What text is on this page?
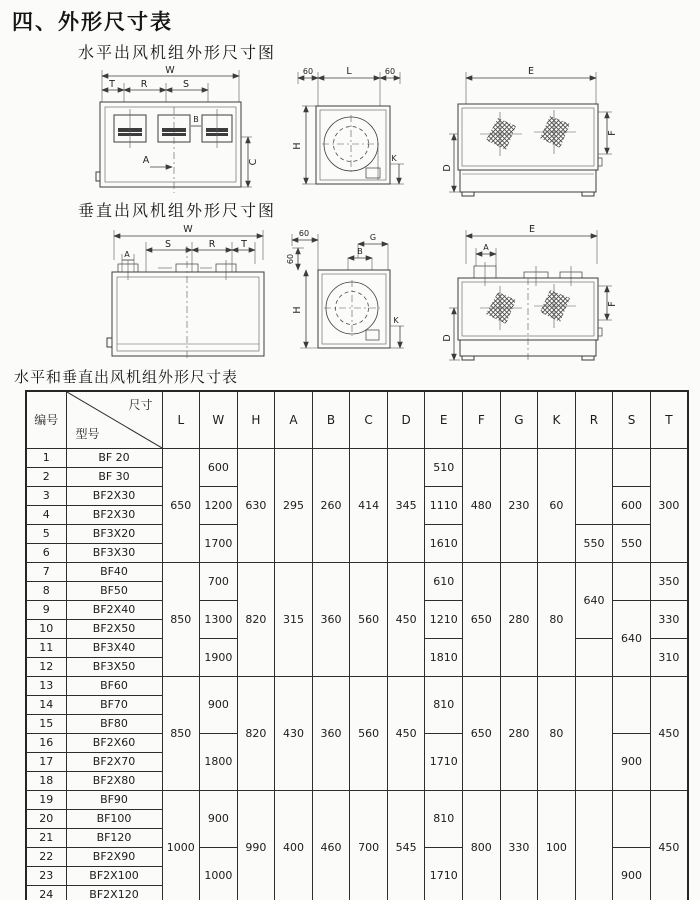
四、外形尺寸表
水平出风机组外形尺寸图
W
T	R	S
B
A	C
60	L	60
H
K
E
D
F
垂直出风机组外形尺寸图
W
S	R	T
A
60	G
B
60
H
K
E
A
D
F
水平和垂直出风机组外形尺寸表
编号	尺寸
型号	L	W	H	A	B	C	D	E	F	G	K	R	S	T
1	BF 20	650	600	630	295	260	414	345	510	480	230	60			300
2	BF 30														
3	BF2X30		1200						1110					600	
4	BF2X30														
5	BF3X20		1700						1610				550	550	
6	BF3X30														
7	BF40	850	700	820	315	360	560	450	610	650	280	80	640		350
8	BF50														
9	BF2X40		1300						1210					640	330
10	BF2X50														
11	BF3X40		1900						1810						310
12	BF3X50														
13	BF60	850	900	820	430	360	560	450	810	650	280	80			450
14	BF70														
15	BF80														
16	BF2X60		1800						1710					900	
17	BF2X70														
18	BF2X80														
19	BF90	1000	900	990	400	460	700	545	810	800	330	100			450
20	BF100														
21	BF120														
22	BF2X90		1000						1710					900	
23	BF2X100														
24	BF2X120														
